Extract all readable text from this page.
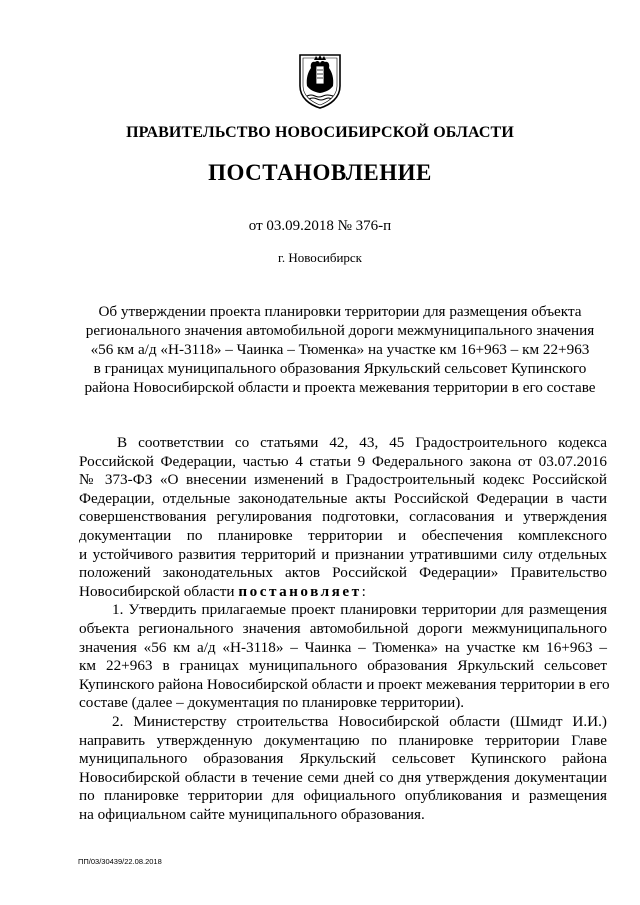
ПРАВИТЕЛЬСТВО НОВОСИБИРСКОЙ ОБЛАСТИ
ПОСТАНОВЛЕНИЕ
от 03.09.2018 № 376-п
г. Новосибирск
Об утверждении проекта планировки территории для размещения объекта
регионального значения автомобильной дороги межмуниципального значения
«56 км а/д «Н-3118» – Чаинка – Тюменка» на участке км 16+963 – км 22+963
в границах муниципального образования Яркульский сельсовет Купинского
района Новосибирской области и проекта межевания территории в его составе
В соответствии со статьями 42, 43, 45 Градостроительного кодекса
Российской Федерации, частью 4 статьи 9 Федерального закона от 03.07.2016
№ 373-ФЗ «О внесении изменений в Градостроительный кодекс Российской
Федерации, отдельные законодательные акты Российской Федерации в части
совершенствования регулирования подготовки, согласования и утверждения
документации по планировке территории и обеспечения комплексного
и устойчивого развития территорий и признании утратившими силу отдельных
положений законодательных актов Российской Федерации» Правительство
Новосибирской области постановляет:
1. Утвердить прилагаемые проект планировки территории для размещения
объекта регионального значения автомобильной дороги межмуниципального
значения «56 км а/д «Н-3118» – Чаинка – Тюменка» на участке км 16+963 –
км 22+963 в границах муниципального образования Яркульский сельсовет
Купинского района Новосибирской области и проект межевания территории в его
составе (далее – документация по планировке территории).
2. Министерству строительства Новосибирской области (Шмидт И.И.)
направить утвержденную документацию по планировке территории Главе
муниципального образования Яркульский сельсовет Купинского района
Новосибирской области в течение семи дней со дня утверждения документации
по планировке территории для официального опубликования и размещения
на официальном сайте муниципального образования.
ПП/03/30439/22.08.2018
